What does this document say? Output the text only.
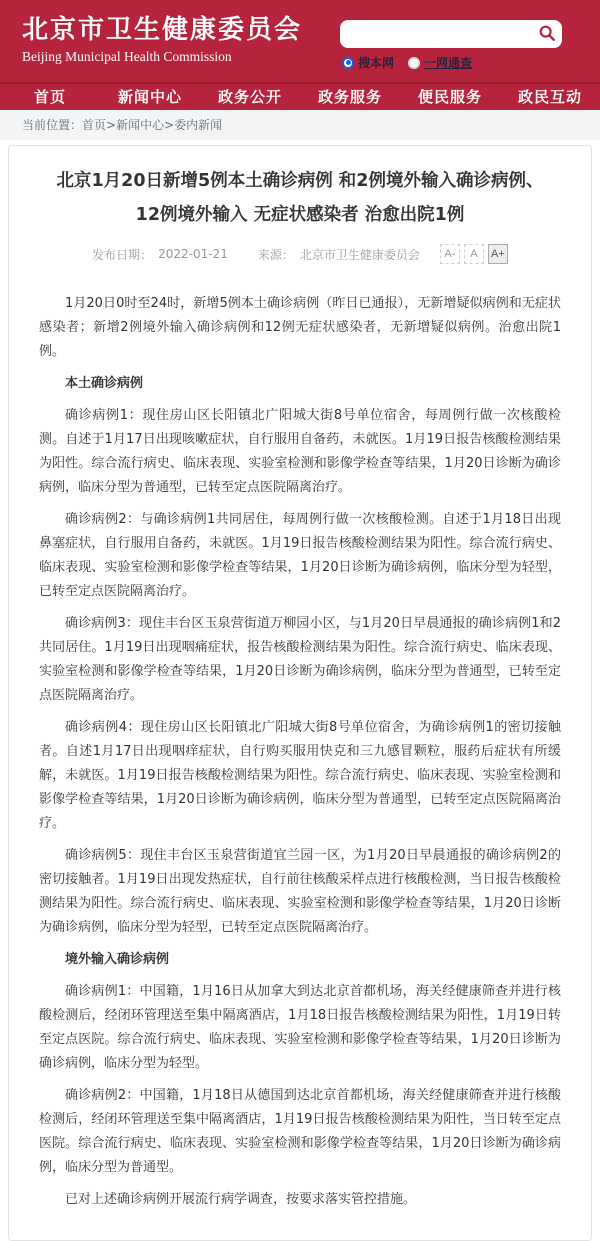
北京市卫生健康委员会
Beijing Municipal Health Commission	搜本网	一网通查
首页	新闻中心	政务公开	政务服务	便民服务	政民互动
当前位置：首页>新闻中心>委内新闻
北京1月20日新增5例本土确诊病例 和2例境外输入确诊病例、12例境外输入 无症状感染者 治愈出院1例
发布日期： 2022-01-21	来源： 北京市卫生健康委员会	A-	A	A+

1月20日0时至24时，新增5例本土确诊病例（昨日已通报），无新增疑似病例和无症状感染者；新增2例境外输入确诊病例和12例无症状感染者，无新增疑似病例。治愈出院1例。

本土确诊病例

确诊病例1：现住房山区长阳镇北广阳城大街8号单位宿舍，每周例行做一次核酸检测。自述于1月17日出现咳嗽症状，自行服用自备药，未就医。1月19日报告核酸检测结果为阳性。综合流行病史、临床表现、实验室检测和影像学检查等结果，1月20日诊断为确诊病例，临床分型为普通型，已转至定点医院隔离治疗。

确诊病例2：与确诊病例1共同居住，每周例行做一次核酸检测。自述于1月18日出现鼻塞症状，自行服用自备药，未就医。1月19日报告核酸检测结果为阳性。综合流行病史、临床表现、实验室检测和影像学检查等结果，1月20日诊断为确诊病例，临床分型为轻型，已转至定点医院隔离治疗。

确诊病例3：现住丰台区玉泉营街道万柳园小区，与1月20日早晨通报的确诊病例1和2共同居住。1月19日出现咽痛症状，报告核酸检测结果为阳性。综合流行病史、临床表现、实验室检测和影像学检查等结果，1月20日诊断为确诊病例，临床分型为普通型，已转至定点医院隔离治疗。

确诊病例4：现住房山区长阳镇北广阳城大街8号单位宿舍，为确诊病例1的密切接触者。自述1月17日出现咽痒症状，自行购买服用快克和三九感冒颗粒，服药后症状有所缓解，未就医。1月19日报告核酸检测结果为阳性。综合流行病史、临床表现、实验室检测和影像学检查等结果，1月20日诊断为确诊病例，临床分型为普通型，已转至定点医院隔离治疗。

确诊病例5：现住丰台区玉泉营街道宜兰园一区，为1月20日早晨通报的确诊病例2的密切接触者。1月19日出现发热症状，自行前往核酸采样点进行核酸检测，当日报告核酸检测结果为阳性。综合流行病史、临床表现、实验室检测和影像学检查等结果，1月20日诊断为确诊病例，临床分型为轻型，已转至定点医院隔离治疗。

境外输入确诊病例

确诊病例1：中国籍，1月16日从加拿大到达北京首都机场，海关经健康筛查并进行核酸检测后，经闭环管理送至集中隔离酒店，1月18日报告核酸检测结果为阳性，1月19日转至定点医院。综合流行病史、临床表现、实验室检测和影像学检查等结果，1月20日诊断为确诊病例，临床分型为轻型。

确诊病例2：中国籍，1月18日从德国到达北京首都机场，海关经健康筛查并进行核酸检测后，经闭环管理送至集中隔离酒店，1月19日报告核酸检测结果为阳性，当日转至定点医院。综合流行病史、临床表现、实验室检测和影像学检查等结果，1月20日诊断为确诊病例，临床分型为普通型。

已对上述确诊病例开展流行病学调查，按要求落实管控措施。
